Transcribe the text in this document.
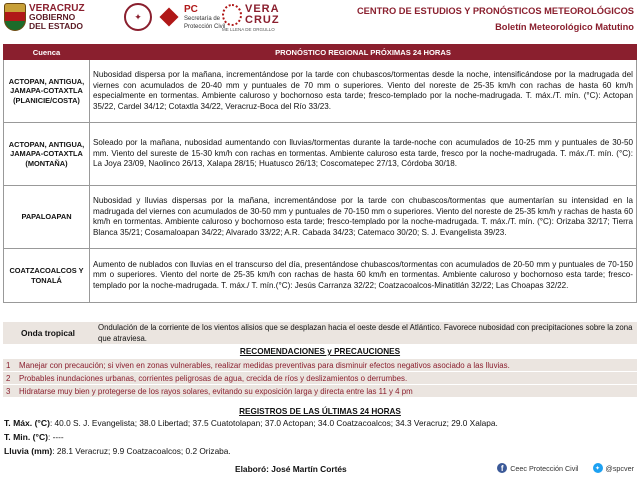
VERACRUZ
GOBIERNO
DEL ESTADO
✦
PC
Secretaría de
Protección Civil
VERA
CRUZ
ME LLENA DE ORGULLO
CENTRO DE ESTUDIOS Y PRONÓSTICOS METEOROLÓGICOS
Boletín Meteorológico Matutino
Cuenca	PRONÓSTICO REGIONAL PRÓXIMAS 24 HORAS
ACTOPAN, ANTIGUA, JAMAPA-COTAXTLA (PLANICIE/COSTA)	Nubosidad dispersa por la mañana, incrementándose por la tarde con chubascos/tormentas desde la noche, intensificándose por la madrugada del viernes con acumulados de 20-40 mm y puntuales de 70 mm o superiores. Viento del noreste de 25-35 km/h con rachas de hasta 60 km/h especialmente en tormentas. Ambiente caluroso y bochornoso esta tarde; fresco-templado por la noche-madrugada. T. máx./T. mín. (°C): Actopan 35/22, Cardel 34/12; Cotaxtla 34/22, Veracruz-Boca del Río 33/23.
ACTOPAN, ANTIGUA, JAMAPA-COTAXTLA (MONTAÑA)	Soleado por la mañana, nubosidad aumentando con lluvias/tormentas durante la tarde-noche con acumulados de 10-25 mm y puntuales de 30-50 mm. Viento del sureste de 15-30 km/h con rachas en tormentas. Ambiente caluroso esta tarde, fresco por la noche-madrugada. T. máx./T. mín. (°C): La Joya 23/09, Naolinco 26/13, Xalapa 28/15; Huatusco 26/13; Coscomatepec 27/13, Córdoba 30/18.
PAPALOAPAN	Nubosidad y lluvias dispersas por la mañana, incrementándose por la tarde con chubascos/tormentas que aumentarían su intensidad en la madrugada del viernes con acumulados de 30-50 mm y puntuales de 70-150 mm o superiores. Viento del noreste de 25-35 km/h y rachas de hasta 60 km/h en tormentas. Ambiente caluroso y bochornoso esta tarde; fresco-templado por la noche-madrugada. T. máx./T. mín. (°C): Orizaba 32/17; Tierra Blanca 35/21; Cosamaloapan 34/22; Alvarado 33/22; A.R. Cabada 34/23; Catemaco 30/20; S. J. Evangelista 39/23.
COATZACOALCOS Y TONALÁ	Aumento de nublados con lluvias en el transcurso del día, presentándose chubascos/tormentas con acumulados de 20-50 mm y puntuales de 70-150 mm o superiores. Viento del norte de 25-35 km/h con rachas de hasta 60 km/h en tormentas. Ambiente caluroso y bochornoso esta tarde; fresco-templado por la noche-madrugada. T. máx./ T. mín.(°C): Jesús Carranza 32/22; Coatzacoalcos-Minatitlán 32/22; Las Choapas 32/22.
Onda tropical
Ondulación de la corriente de los vientos alisios que se desplazan hacia el oeste desde el Atlántico. Favorece nubosidad con precipitaciones sobre la zona que atraviesa.
RECOMENDACIONES y PRECAUCIONES
1	Manejar con precaución; si viven en zonas vulnerables, realizar medidas preventivas para disminuir efectos negativos asociado a las lluvias.
2	Probables inundaciones urbanas, corrientes peligrosas de agua, crecida de ríos y deslizamientos o derrumbes.
3	Hidratarse muy bien y protegerse de los rayos solares, evitando su exposición larga y directa entre las 11 y 4 pm
REGISTROS DE LAS ÚLTIMAS 24 HORAS
T. Máx. (°C): 40.0 S. J. Evangelista; 38.0 Libertad; 37.5 Cuatotolapan; 37.0 Actopan; 34.0 Coatzacoalcos; 34.3 Veracruz; 29.0 Xalapa.
T. Min. (°C): ----
Lluvia (mm): 28.1 Veracruz; 9.9 Coatzacoalcos; 0.2 Orizaba.
Elaboró: José Martín Cortés	f Ceec Protección Civil	✦ @spcver
